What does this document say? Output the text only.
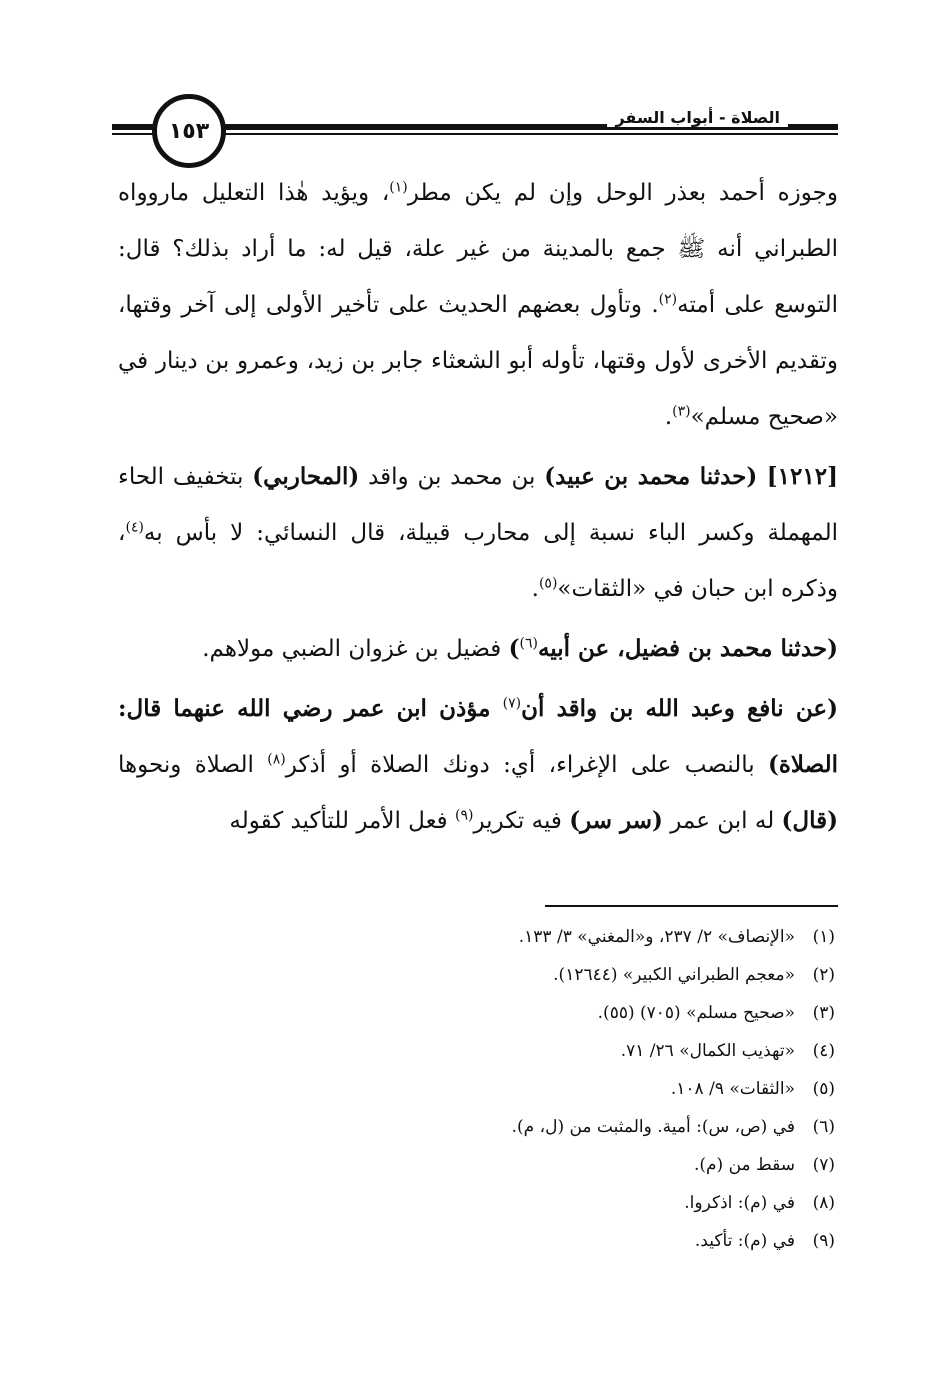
الصلاة - أبواب السفر
١٥٣

وجوزه أحمد بعذر الوحل وإن لم يكن مطر$^{(١)}$، ويؤيد هٰذا التعليل ماروواه الطبراني أنه ﷺ جمع بالمدينة من غير علة، قيل له: ما أراد بذلك؟ قال: التوسع على أمته$^{(٢)}$. وتأول بعضهم الحديث على تأخير الأولى إلى آخر وقتها، وتقديم الأخرى لأول وقتها، تأوله أبو الشعثاء جابر بن زيد، وعمرو بن دينار في «صحيح مسلم»$^{(٣)}$.

[١٢١٢] (حدثنا محمد بن عبيد) بن محمد بن واقد (المحاربي) بتخفيف الحاء المهملة وكسر الباء نسبة إلى محارب قبيلة، قال النسائي: لا بأس به$^{(٤)}$، وذكره ابن حبان في «الثقات»$^{(٥)}$.

(حدثنا محمد بن فضيل، عن أبيه$^{(٦)}$) فضيل بن غزوان الضبي مولاهم.

(عن نافع وعبد الله بن واقد أن$^{(٧)}$ مؤذن ابن عمر رضي الله عنهما قال: الصلاة) بالنصب على الإغراء، أي: دونك الصلاة أو أذكر$^{(٨)}$ الصلاة ونحوها (قال) له ابن عمر (سر سر) فيه تكرير$^{(٩)}$ فعل الأمر للتأكيد كقوله

(١)
«الإنصاف» ٢/ ٢٣٧، و«المغني» ٣/ ١٣٣.
(٢)
«معجم الطبراني الكبير» (١٢٦٤٤).
(٣)
«صحيح مسلم» (٧٠٥) (٥٥).
(٤)
«تهذيب الكمال» ٢٦/ ٧١.
(٥)
«الثقات» ٩/ ١٠٨.
(٦)
في (ص، س): أمية. والمثبت من (ل، م).
(٧)
سقط من (م).
(٨)
في (م): اذكروا.
(٩)
في (م): تأكيد.
